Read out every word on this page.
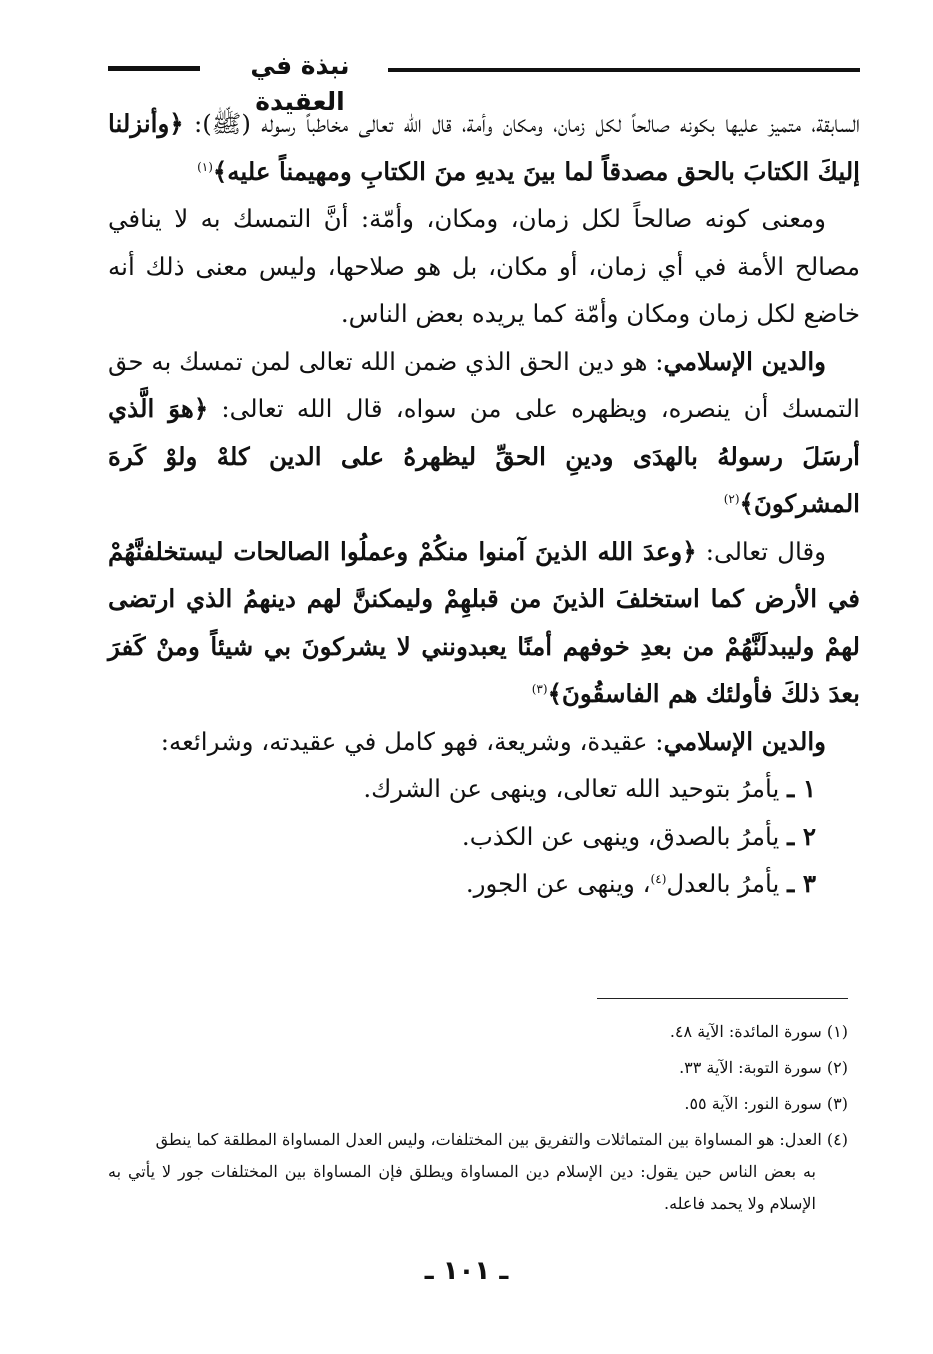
نبذة في العقيدة

السابقة، متميز عليها بكونه صالحاً لكل زمان، ومكان وأمة، قال الله تعالى مخاطباً رسوله (ﷺ): ﴿وأنزلنا إليكَ الكتابَ بالحق مصدقاً لما بينَ يديهِ منَ الكتابِ ومهيمناً عليه﴾$^{(١)}$

ومعنى كونه صالحاً لكل زمان، ومكان، وأمّة: أنَّ التمسك به لا ينافي مصالح الأمة في أي زمان، أو مكان، بل هو صلاحها، وليس معنى ذلك أنه خاضع لكل زمان ومكان وأمّة كما يريده بعض الناس.

والدين الإسلامي: هو دين الحق الذي ضمن الله تعالى لمن تمسك به حق التمسك أن ينصره، ويظهره على من سواه، قال الله تعالى: ﴿هوَ الَّذي أرسَلَ رسولهُ بالهدَى ودينِ الحقِّ ليظهرهُ على الدين كلهْ ولوْ كَرهَ المشركونَ﴾$^{(٢)}$

وقال تعالى: ﴿وعدَ الله الذينَ آمنوا منكُمْ وعملُوا الصالحات ليستخلفنَّهُمْ في الأرض كما استخلفَ الذينَ من قبلهِمْ وليمكننَّ لهم دينهمُ الذي ارتضى لهمْ وليبدلَنَّهُمْ من بعدِ خوفهم أمنًا يعبدونني لا يشركونَ بي شيئاً ومنْ كَفرَ بعدَ ذلكَ فأولئك هم الفاسقُونَ﴾$^{(٣)}$

والدين الإسلامي: عقيدة، وشريعة، فهو كامل في عقيدته، وشرائعه:

١ ـ يأمرُ بتوحيد الله تعالى، وينهى عن الشرك.

٢ ـ يأمرُ بالصدق، وينهى عن الكذب.

٣ ـ يأمرُ بالعدل$^{(٤)}$، وينهى عن الجور.

(١) سورة المائدة: الآية ٤٨.

(٢) سورة التوبة: الآية ٣٣.

(٣) سورة النور: الآية ٥٥.

(٤) العدل: هو المساواة بين المتماثلات والتفريق بين المختلفات، وليس العدل المساواة المطلقة كما ينطق
به بعض الناس حين يقول: دين الإسلام دين المساواة ويطلق فإن المساواة بين المختلفات جور لا يأتي به الإسلام ولا يحمد فاعله.

ـ ١٠١ ـ
